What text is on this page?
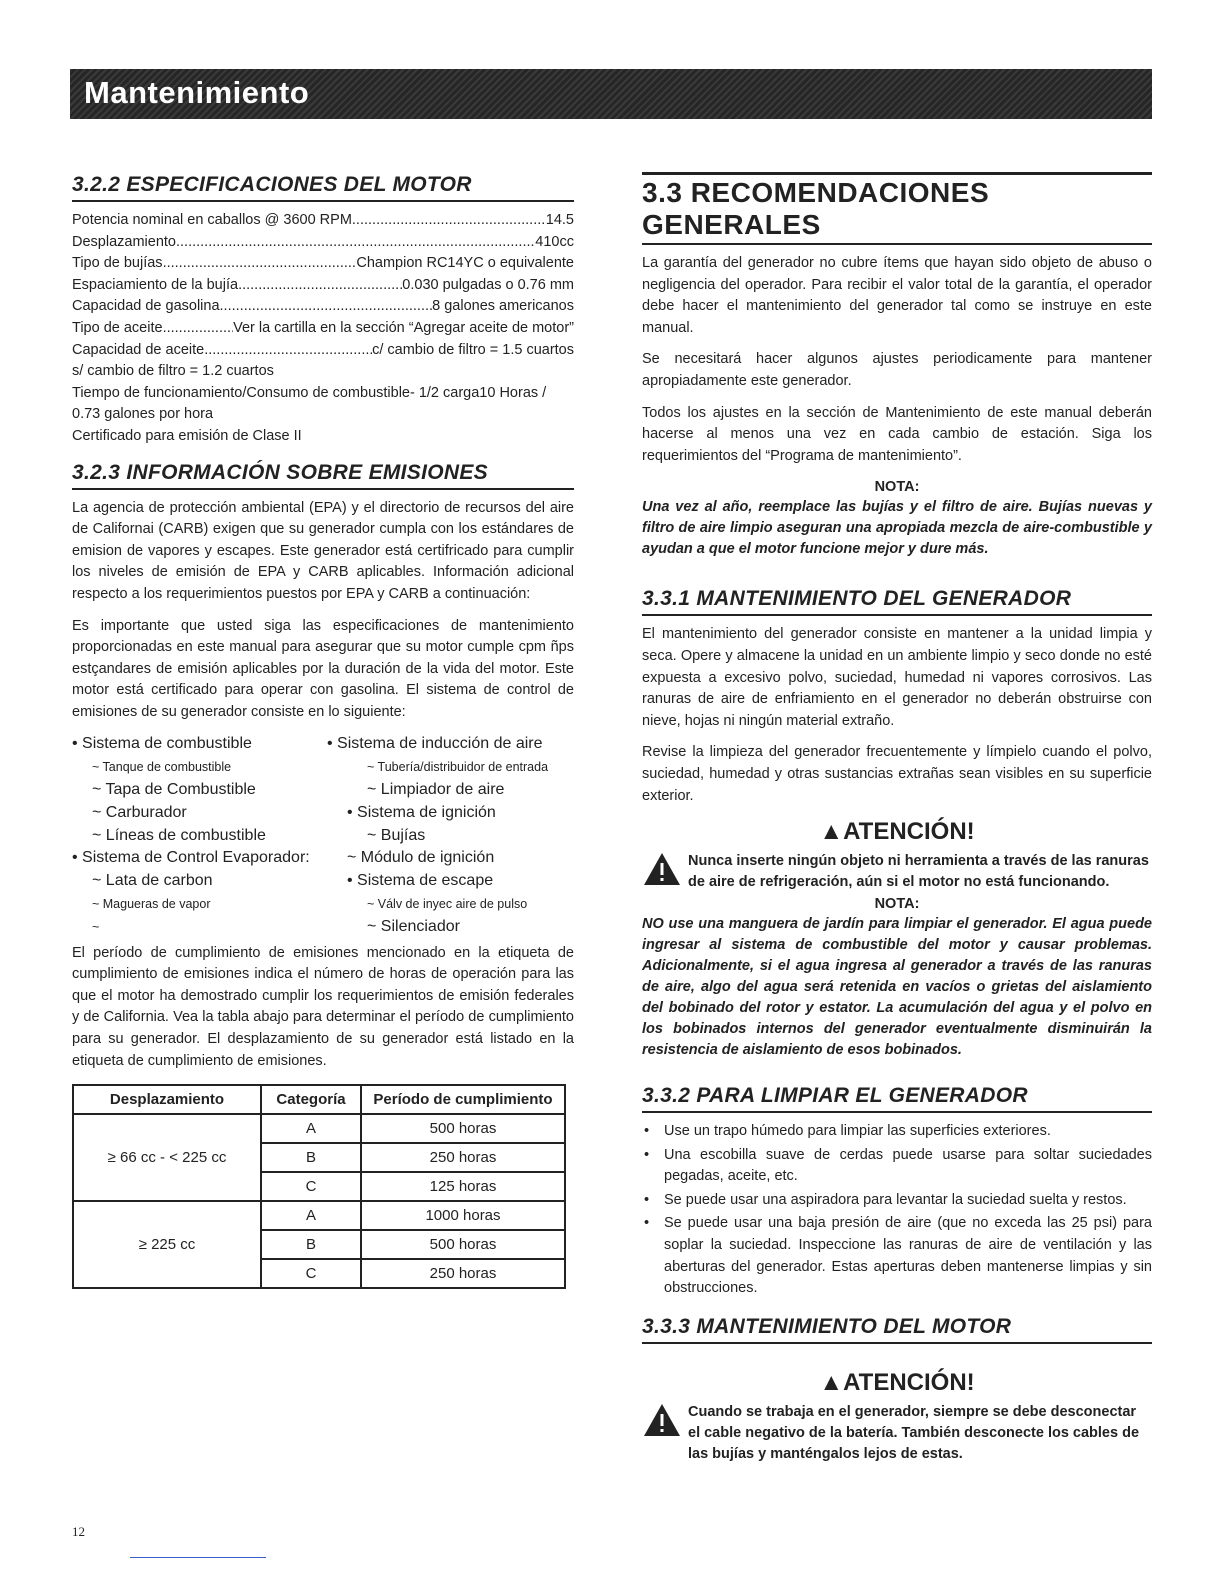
Mantenimiento
3.2.2 ESPECIFICACIONES DEL MOTOR
Potencia nominal en caballos @ 3600 RPM .....	14.5
Desplazamiento .....	410cc
Tipo de bujías .....	Champion RC14YC o equivalente
Espaciamiento de la bujía .....	0.030 pulgadas o 0.76 mm
Capacidad de gasolina .....	8 galones americanos
Tipo de aceite .....	Ver la cartilla en la sección “Agregar aceite de motor”
Capacidad de aceite .....	c/ cambio de filtro = 1.5 cuartos
s/ cambio de filtro = 1.2 cuartos

Tiempo de funcionamiento/Consumo de combustible- 1/2 carga10 Horas / 0.73 galones por hora

Certificado para emisión de Clase II

3.2.3 INFORMACIÓN SOBRE EMISIONES

La agencia de protección ambiental (EPA) y el directorio de recursos del aire de Californai (CARB) exigen que su generador cumpla con los estándares de emision de vapores y escapes. Este generador está certifricado para cumplir los niveles de emisión de EPA y CARB aplicables. Información adicional respecto a los requerimientos puestos por EPA y CARB a continuación:

Es importante que usted siga las especificaciones de mantenimiento proporcionadas en este manual para asegurar que su motor cumple cpm ñps estçandares de emisión aplicables por la duración de la vida del motor. Este motor está certificado para operar con gasolina. El sistema de control de emisiones de su generador consiste en lo siguiente:

• Sistema de combustible	• Sistema de inducción de aire
~ Tanque de combustible	~ Tubería/distribuidor de entrada
~ Tapa de Combustible	~ Limpiador de aire
~ Carburador	• Sistema de ignición
~ Líneas de combustible	~ Bujías
• Sistema de Control Evaporador:	~ Módulo de ignición
~ Lata de carbon	• Sistema de escape
~ Magueras de vapor	~ Válv de inyec aire de pulso
~	~ Silenciador

El período de cumplimiento de emisiones mencionado en la etiqueta de cumplimiento de emisiones indica el número de horas de operación para las que el motor ha demostrado cumplir los requerimientos de emisión federales y de California. Vea la tabla abajo para determinar el período de cumplimiento para su generador. El desplazamiento de su generador está listado en la etiqueta de cumplimiento de emisiones.

Desplazamiento	Categoría	Período de cumplimiento
≥ 66 cc - < 225 cc	A	500 horas
	B	250 horas
	C	125 horas
≥ 225 cc	A	1000 horas
	B	500 horas
	C	250 horas
3.3 RECOMENDACIONES GENERALES

La garantía del generador no cubre ítems que hayan sido objeto de abuso o negligencia del operador. Para recibir el valor total de la garantía, el operador debe hacer el mantenimiento del generador tal como se instruye en este manual.

Se necesitará hacer algunos ajustes periodicamente para mantener apropiadamente este generador.

Todos los ajustes en la sección de Mantenimiento de este manual deberán hacerse al menos una vez en cada cambio de estación. Siga los requerimientos del “Programa de mantenimiento”.

NOTA:

Una vez al año, reemplace las bujías y el filtro de aire. Bujías nuevas y filtro de aire limpio aseguran una apropiada mezcla de aire-combustible y ayudan a que el motor funcione mejor y dure más.

3.3.1 MANTENIMIENTO DEL GENERADOR

El mantenimiento del generador consiste en mantener a la unidad limpia y seca. Opere y almacene la unidad en un ambiente limpio y seco donde no esté expuesta a excesivo polvo, suciedad, humedad ni vapores corrosivos. Las ranuras de aire de enfriamiento en el generador no deberán obstruirse con nieve, hojas ni ningún material extraño.

Revise la limpieza del generador frecuentemente y límpielo cuando el polvo, suciedad, humedad y otras sustancias extrañas sean visibles en su superficie exterior.

▲ATENCIÓN!
Nunca inserte ningún objeto ni herramienta a través de las ranuras de aire de refrigeración, aún si el motor no está funcionando.

NOTA:

NO use una manguera de jardín para limpiar el generador. El agua puede ingresar al sistema de combustible del motor y causar problemas. Adicionalmente, si el agua ingresa al generador a través de las ranuras de aire, algo del agua será retenida en vacíos o grietas del aislamiento del bobinado del rotor y estator. La acumulación del agua y el polvo en los bobinados internos del generador eventualmente disminuirán la resistencia de aislamiento de esos bobinados.

3.3.2 PARA LIMPIAR EL GENERADOR
• Use un trapo húmedo para limpiar las superficies exteriores.
• Una escobilla suave de cerdas puede usarse para soltar suciedades pegadas, aceite, etc.
• Se puede usar una aspiradora para levantar la suciedad suelta y restos.
• Se puede usar una baja presión de aire (que no exceda las 25 psi) para soplar la suciedad. Inspeccione las ranuras de aire de ventilación y las aberturas del generador. Estas aperturas deben mantenerse limpias y sin obstrucciones.
3.3.3 MANTENIMIENTO DEL MOTOR
▲ATENCIÓN!
Cuando se trabaja en el generador, siempre se debe desconectar el cable negativo de la batería. También desconecte los cables de las bujías y manténgalos lejos de estas.
12
